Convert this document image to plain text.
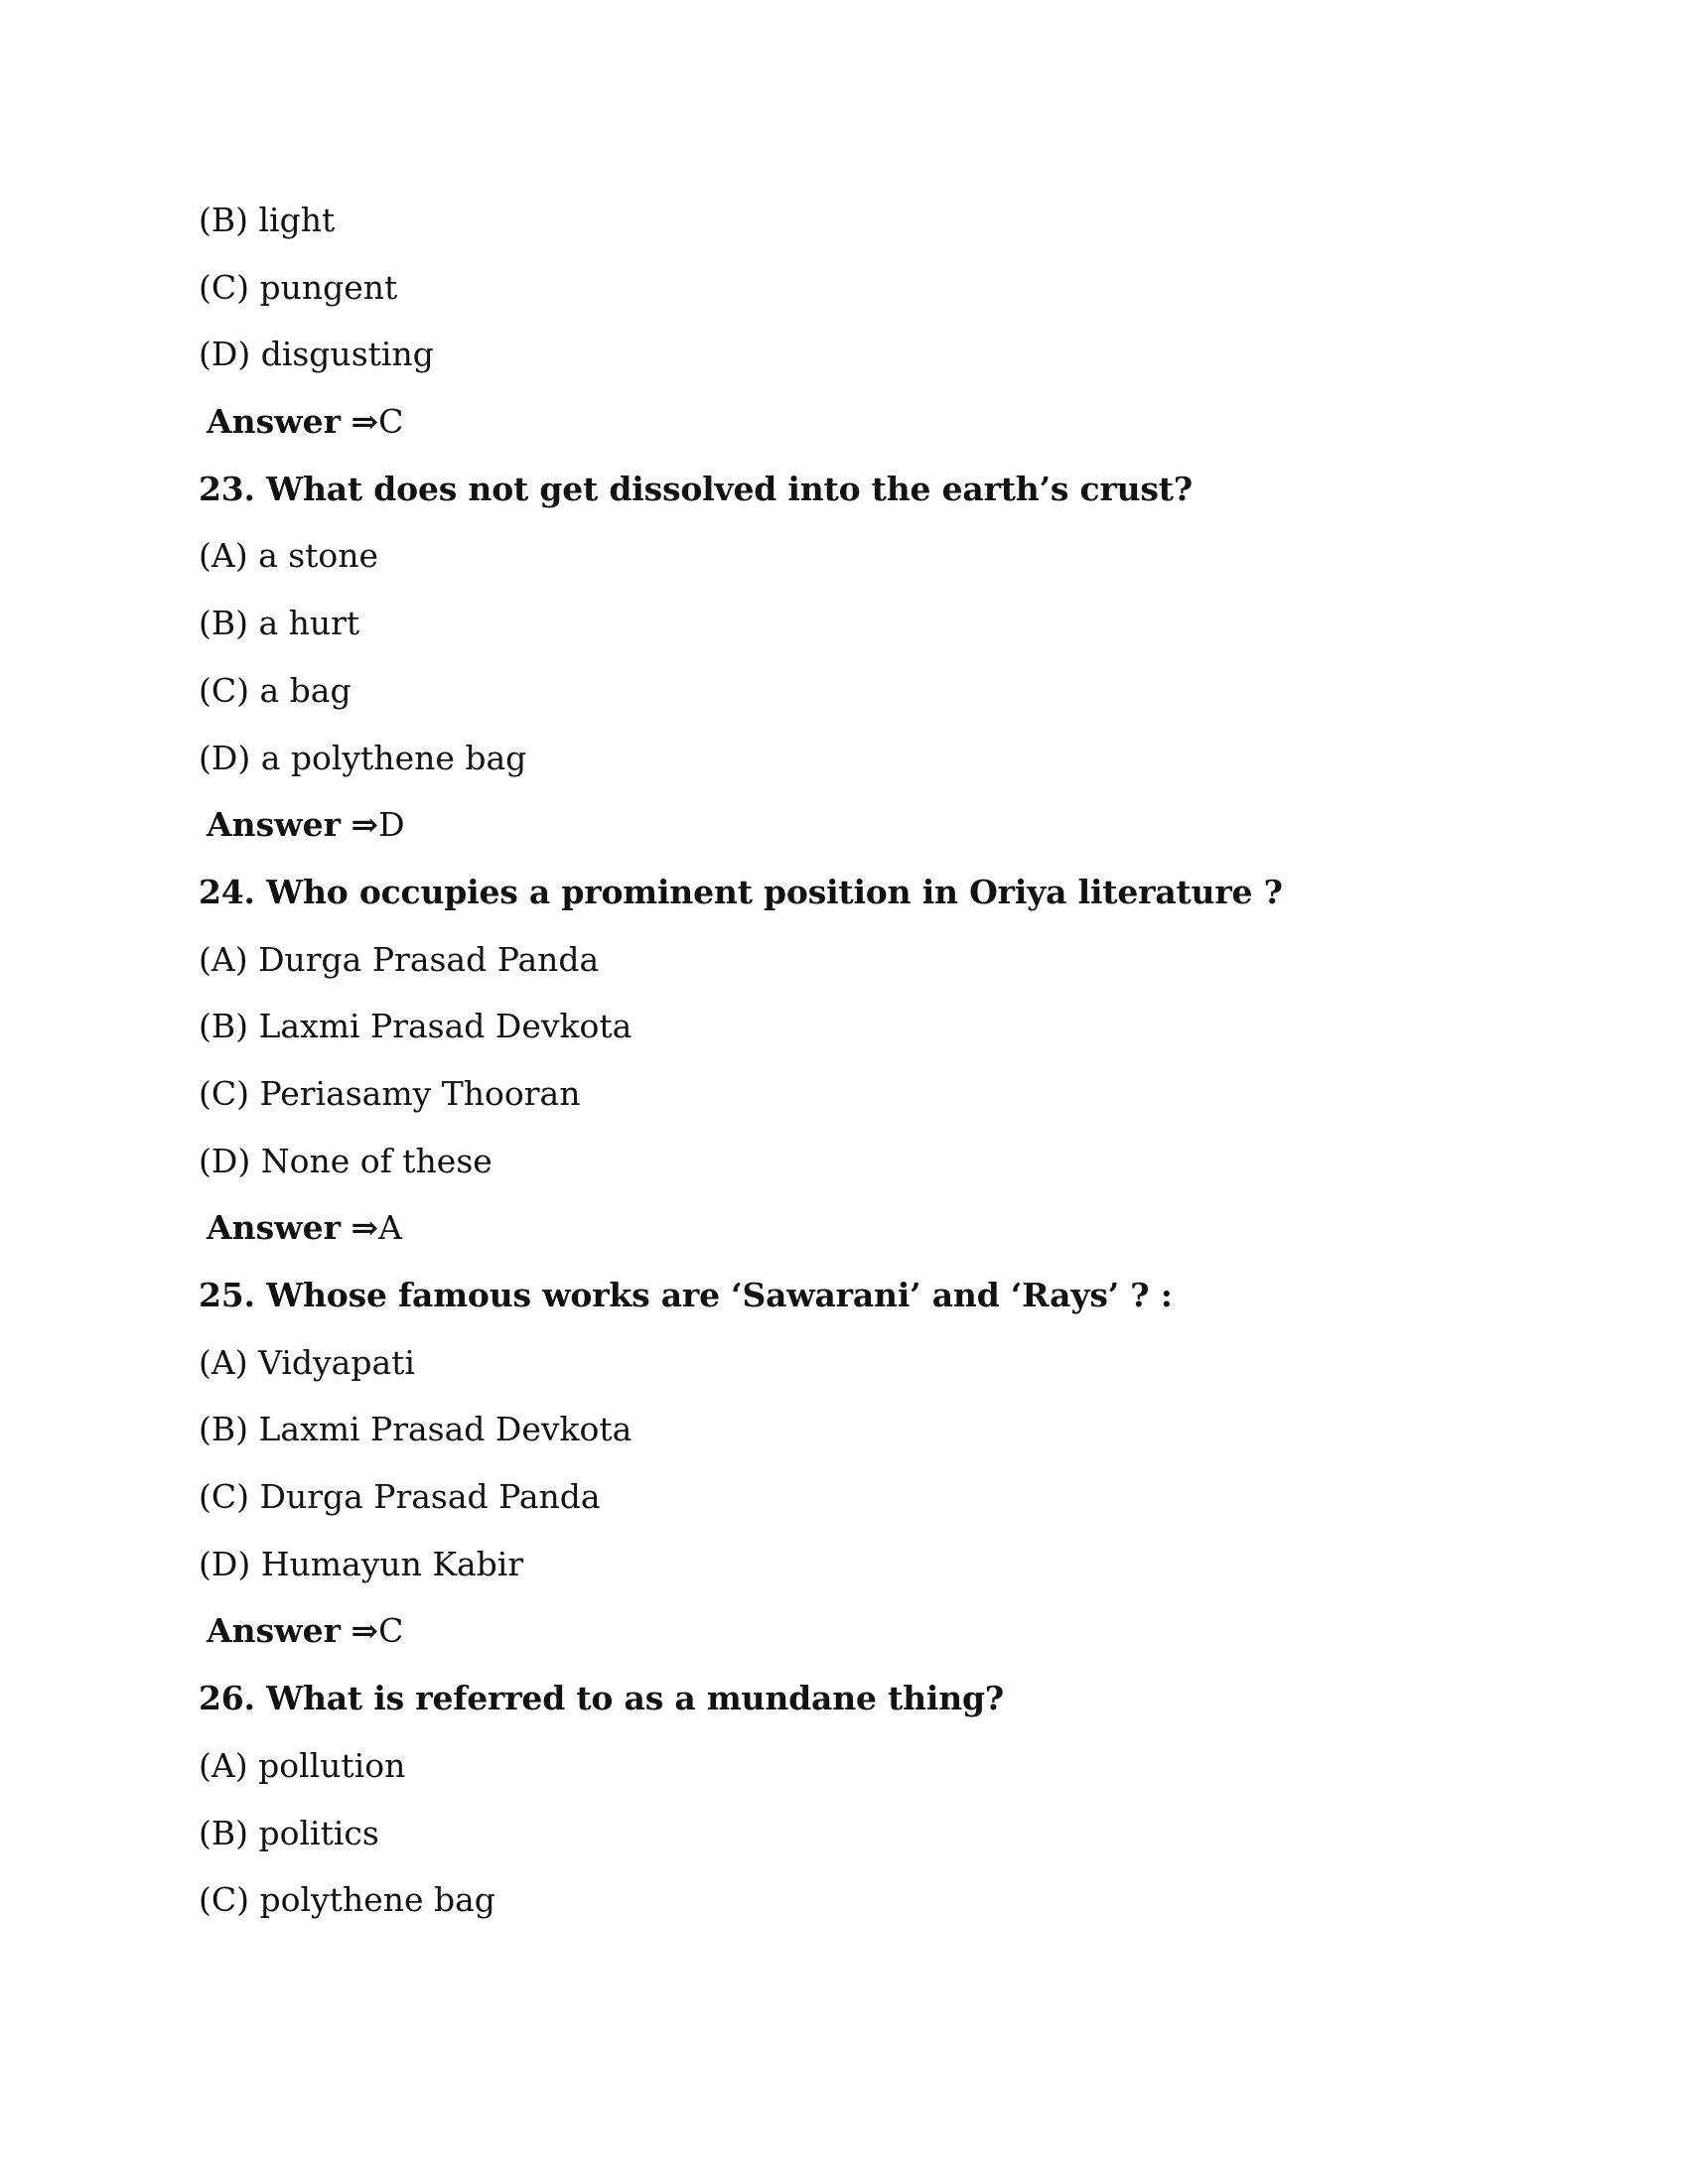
(B) light
(C) pungent
(D) disgusting
Answer ⇒C
23. What does not get dissolved into the earth’s crust?
(A) a stone
(B) a hurt
(C) a bag
(D) a polythene bag
Answer ⇒D
24. Who occupies a prominent position in Oriya literature ?
(A) Durga Prasad Panda
(B) Laxmi Prasad Devkota
(C) Periasamy Thooran
(D) None of these
Answer ⇒A
25. Whose famous works are ‘Sawarani’ and ‘Rays’ ? :
(A) Vidyapati
(B) Laxmi Prasad Devkota
(C) Durga Prasad Panda
(D) Humayun Kabir
Answer ⇒C
26. What is referred to as a mundane thing?
(A) pollution
(B) politics
(C) polythene bag
